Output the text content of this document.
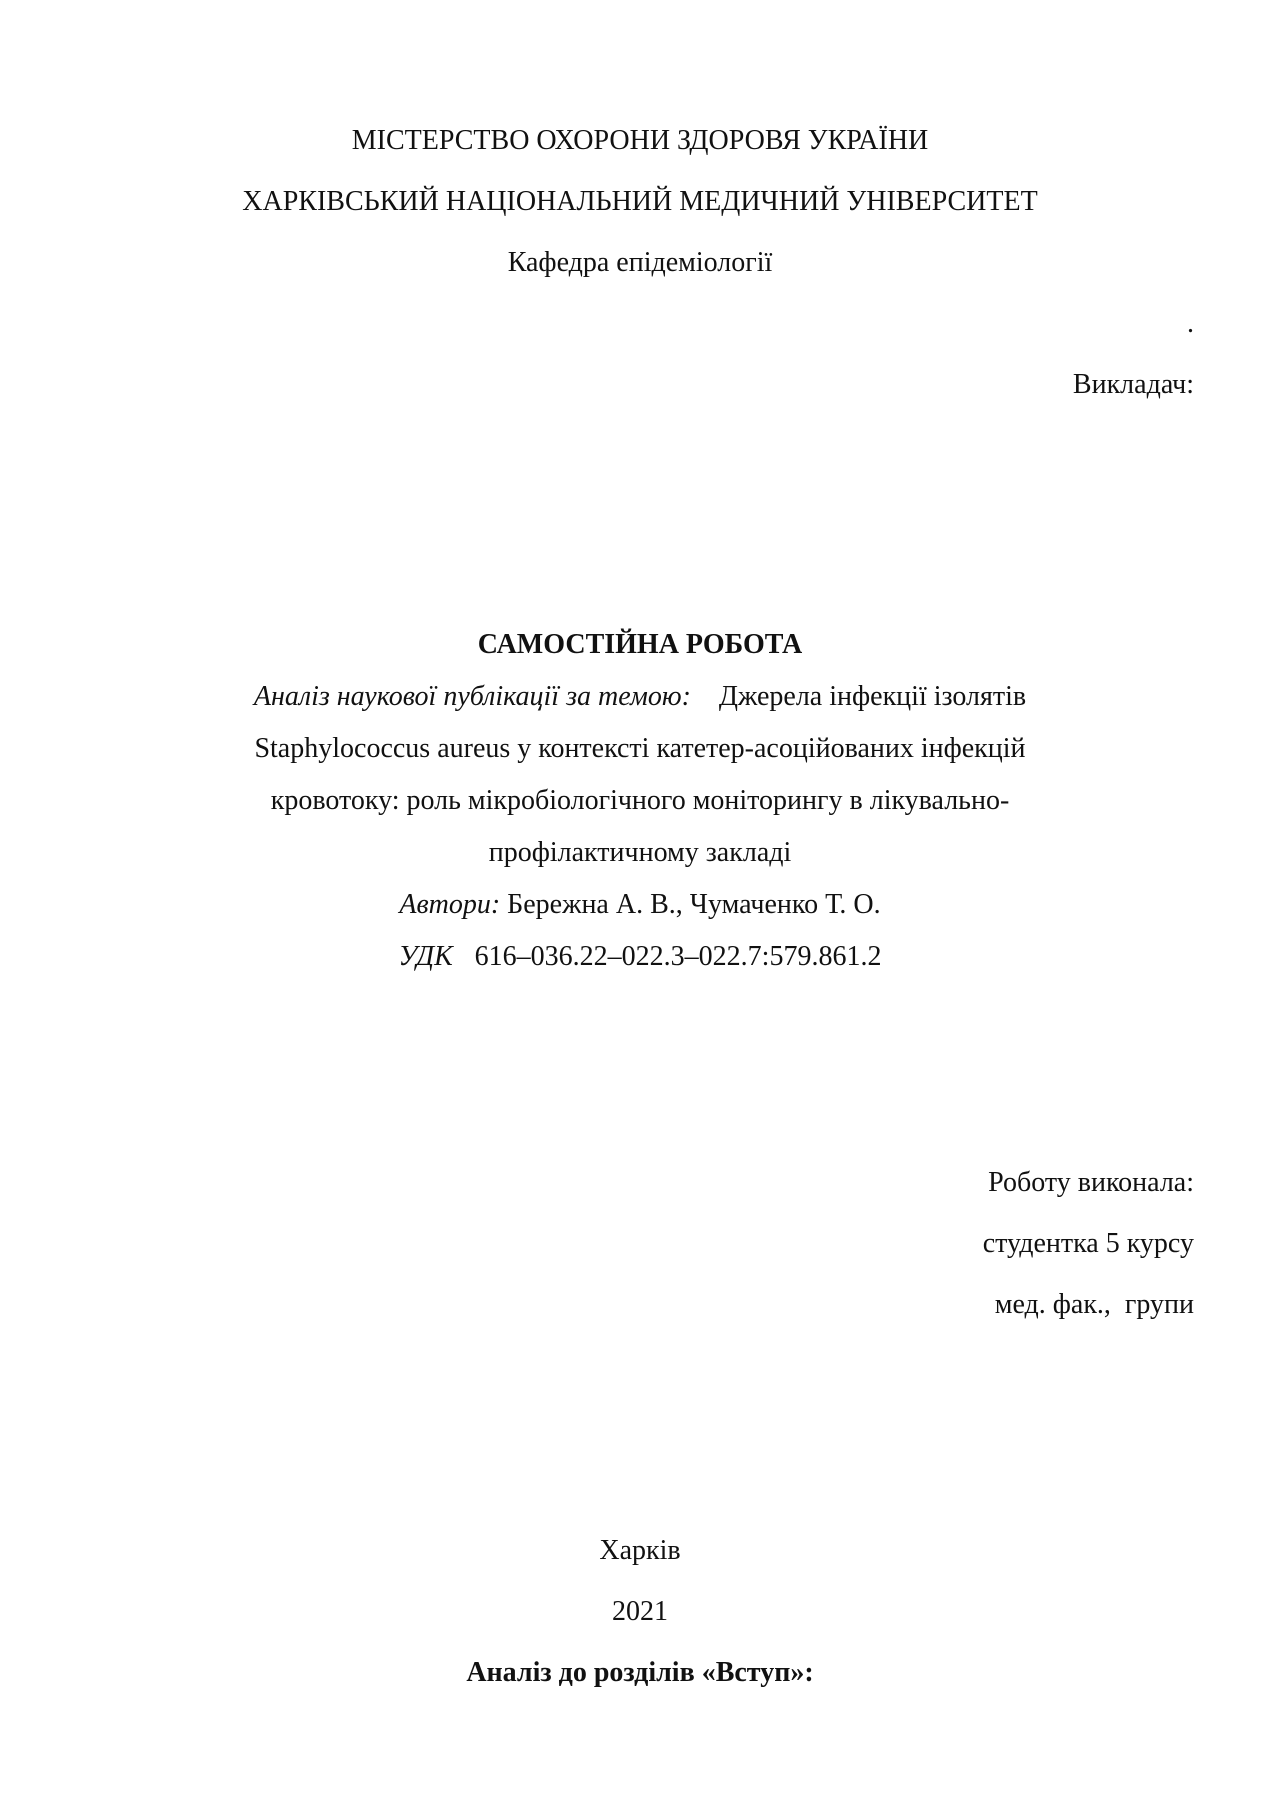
МІСТЕРСТВО ОХОРОНИ ЗДОРОВЯ УКРАЇНИ
ХАРКІВСЬКИЙ НАЦІОНАЛЬНИЙ МЕДИЧНИЙ УНІВЕРСИТЕТ
Кафедра епідеміології
.
Викладач:
САМОСТІЙНА РОБОТА
Аналіз наукової публікації за темою: Джерела інфекції ізолятів
Staphylococcus aureus у контексті катетер-асоційованих інфекцій
кровотоку: роль мікробіологічного моніторингу в лікувально-
профілактичному закладі
Автори: Бережна А. В., Чумаченко Т. О.
УДК 616–036.22–022.3–022.7:579.861.2
Роботу виконала:
студентка 5 курсу
мед. фак.,  групи
Харків
2021
Аналіз до розділів «Вступ»:
